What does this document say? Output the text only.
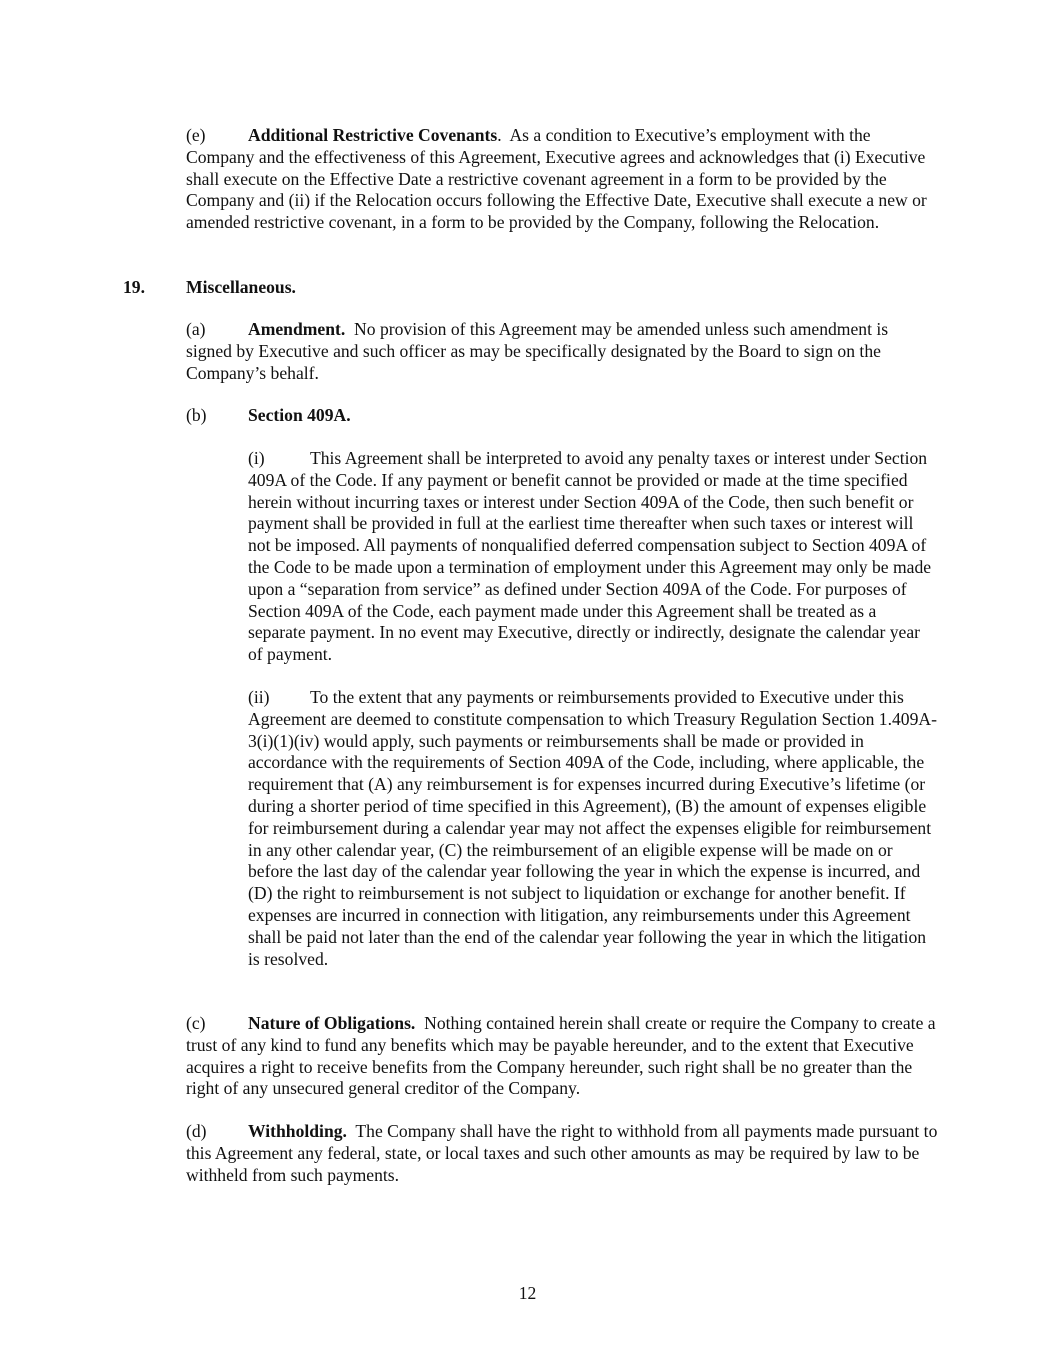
(e) Additional Restrictive Covenants. As a condition to Executive’s employment with the Company and the effectiveness of this Agreement, Executive agrees and acknowledges that (i) Executive shall execute on the Effective Date a restrictive covenant agreement in a form to be provided by the Company and (ii) if the Relocation occurs following the Effective Date, Executive shall execute a new or amended restrictive covenant, in a form to be provided by the Company, following the Relocation.

19. Miscellaneous.

(a) Amendment. No provision of this Agreement may be amended unless such amendment is signed by Executive and such officer as may be specifically designated by the Board to sign on the Company’s behalf.

(b) Section 409A.

(i)	This Agreement shall be interpreted to avoid any penalty taxes or interest under Section 409A of the Code. If any payment or benefit cannot be provided or made at the time specified herein without incurring taxes or interest under Section 409A of the Code, then such benefit or payment shall be provided in full at the earliest time thereafter when such taxes or interest will not be imposed. All payments of nonqualified deferred compensation subject to Section 409A of the Code to be made upon a termination of employment under this Agreement may only be made upon a “separation from service” as defined under Section 409A of the Code. For purposes of Section 409A of the Code, each payment made under this Agreement shall be treated as a separate payment. In no event may Executive, directly or indirectly, designate the calendar year of payment.

(ii) To the extent that any payments or reimbursements provided to Executive under this Agreement are deemed to constitute compensation to which Treasury Regulation Section 1.409A-3(i)(1)(iv) would apply, such payments or reimbursements shall be made or provided in accordance with the requirements of Section 409A of the Code, including, where applicable, the requirement that (A) any reimbursement is for expenses incurred during Executive’s lifetime (or during a shorter period of time specified in this Agreement), (B) the amount of expenses eligible for reimbursement during a calendar year may not affect the expenses eligible for reimbursement in any other calendar year, (C) the reimbursement of an eligible expense will be made on or before the last day of the calendar year following the year in which the expense is incurred, and (D) the right to reimbursement is not subject to liquidation or exchange for another benefit. If expenses are incurred in connection with litigation, any reimbursements under this Agreement shall be paid not later than the end of the calendar year following the year in which the litigation is resolved.

(c) Nature of Obligations. Nothing contained herein shall create or require the Company to create a trust of any kind to fund any benefits which may be payable hereunder, and to the extent that Executive acquires a right to receive benefits from the Company hereunder, such right shall be no greater than the right of any unsecured general creditor of the Company.

(d) Withholding. The Company shall have the right to withhold from all payments made pursuant to this Agreement any federal, state, or local taxes and such other amounts as may be required by law to be withheld from such payments.

12
